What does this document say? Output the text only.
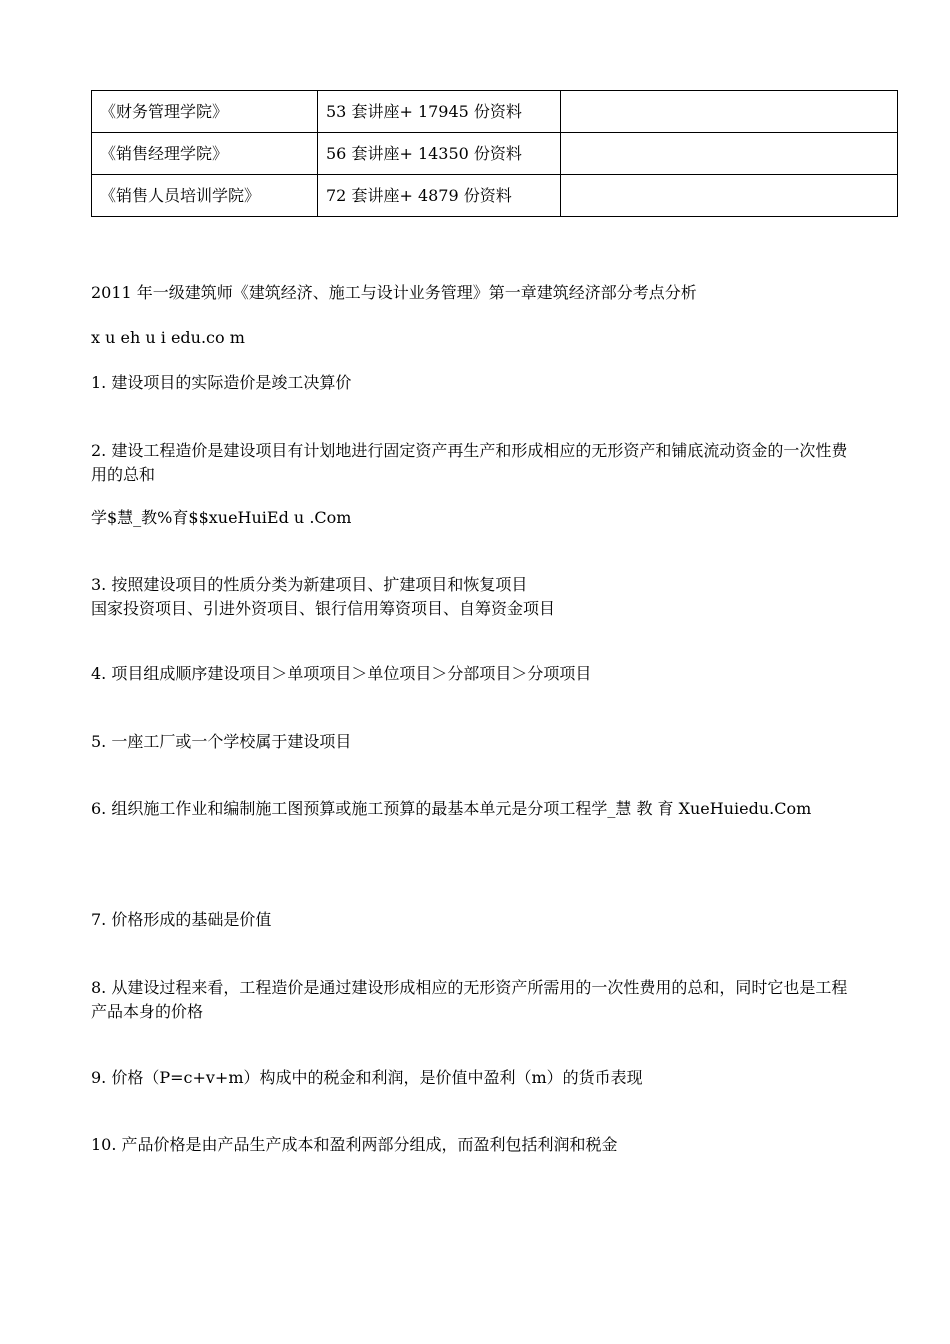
《财务管理学院》	53 套讲座+ 17945 份资料	

《销售经理学院》	56 套讲座+ 14350 份资料	

《销售人员培训学院》	72 套讲座+ 4879 份资料	

2011 年一级建筑师《建筑经济、施工与设计业务管理》第一章建筑经济部分考点分析
x u eh u i edu.co m
1. 建设项目的实际造价是竣工决算价
2. 建设工程造价是建设项目有计划地进行固定资产再生产和形成相应的无形资产和铺底流动资金的一次性费用的总和
学$慧_教%育$$xueHuiEd u .Com
3. 按照建设项目的性质分类为新建项目、扩建项目和恢复项目
国家投资项目、引进外资项目、银行信用筹资项目、自筹资金项目
4. 项目组成顺序建设项目＞单项项目＞单位项目＞分部项目＞分项项目
5. 一座工厂或一个学校属于建设项目
6. 组织施工作业和编制施工图预算或施工预算的最基本单元是分项工程学_慧 教 育 XueHuiedu.Com
7. 价格形成的基础是价值
8. 从建设过程来看，工程造价是通过建设形成相应的无形资产所需用的一次性费用的总和，同时它也是工程产品本身的价格
9. 价格（P=c+v+m）构成中的税金和利润，是价值中盈利（m）的货币表现
10. 产品价格是由产品生产成本和盈利两部分组成，而盈利包括利润和税金
